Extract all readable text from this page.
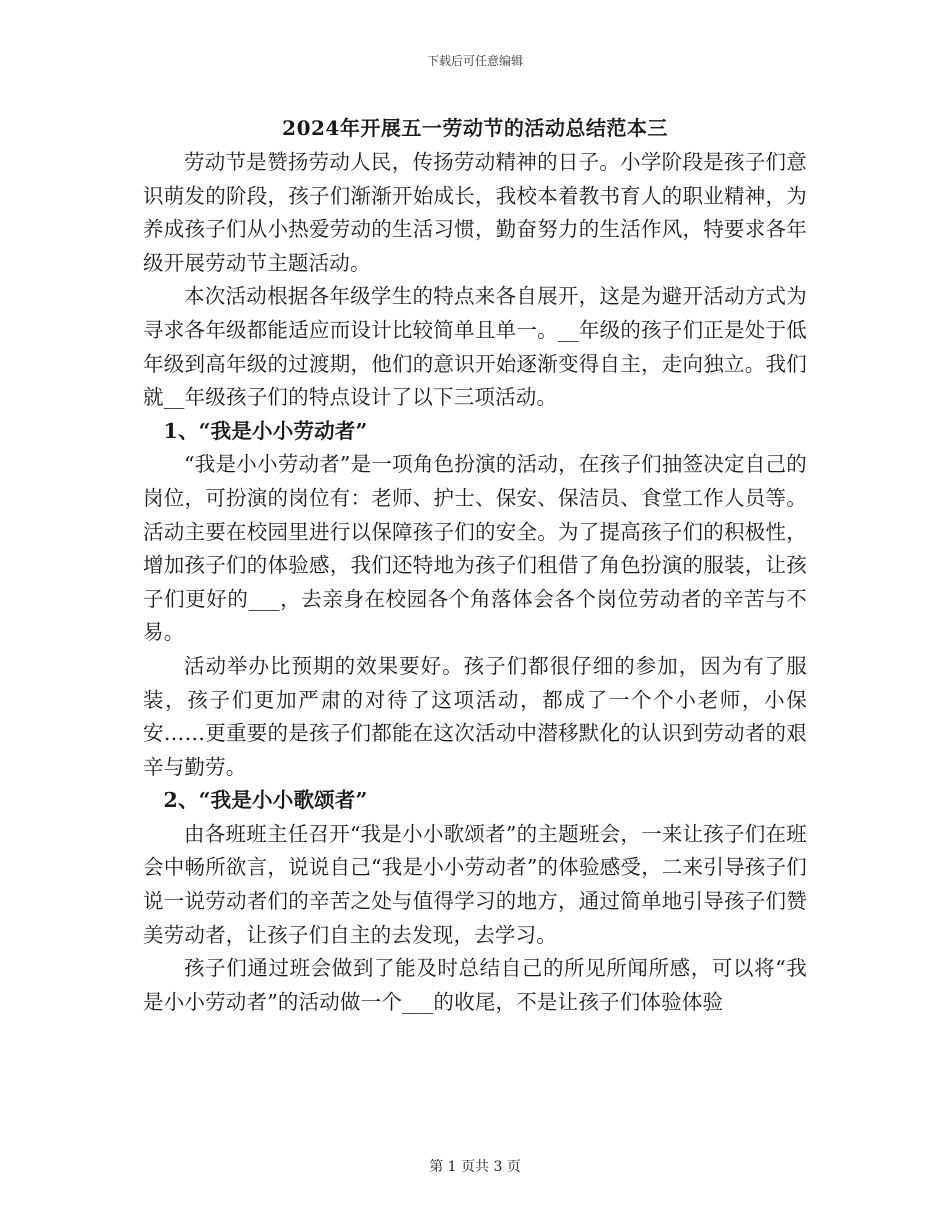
下载后可任意编辑
2024年开展五一劳动节的活动总结范本三

劳动节是赞扬劳动人民，传扬劳动精神的日子。小学阶段是孩子们意识萌发的阶段，孩子们渐渐开始成长，我校本着教书育人的职业精神，为养成孩子们从小热爱劳动的生活习惯，勤奋努力的生活作风，特要求各年级开展劳动节主题活动。

本次活动根据各年级学生的特点来各自展开，这是为避开活动方式为寻求各年级都能适应而设计比较简单且单一。__年级的孩子们正是处于低年级到高年级的过渡期，他们的意识开始逐渐变得自主，走向独立。我们就__年级孩子们的特点设计了以下三项活动。

1、“我是小小劳动者”

“我是小小劳动者”是一项角色扮演的活动，在孩子们抽签决定自己的岗位，可扮演的岗位有：老师、护士、保安、保洁员、食堂工作人员等。活动主要在校园里进行以保障孩子们的安全。为了提高孩子们的积极性，增加孩子们的体验感，我们还特地为孩子们租借了角色扮演的服装，让孩子们更好的___，去亲身在校园各个角落体会各个岗位劳动者的辛苦与不易。

活动举办比预期的效果要好。孩子们都很仔细的参加，因为有了服装，孩子们更加严肃的对待了这项活动，都成了一个个小老师，小保安……更重要的是孩子们都能在这次活动中潜移默化的认识到劳动者的艰辛与勤劳。

2、“我是小小歌颂者”

由各班班主任召开“我是小小歌颂者”的主题班会，一来让孩子们在班会中畅所欲言，说说自己“我是小小劳动者”的体验感受，二来引导孩子们说一说劳动者们的辛苦之处与值得学习的地方，通过简单地引导孩子们赞美劳动者，让孩子们自主的去发现，去学习。

孩子们通过班会做到了能及时总结自己的所见所闻所感，可以将“我是小小劳动者”的活动做一个___的收尾，不是让孩子们体验体验

第 1 页共 3 页
